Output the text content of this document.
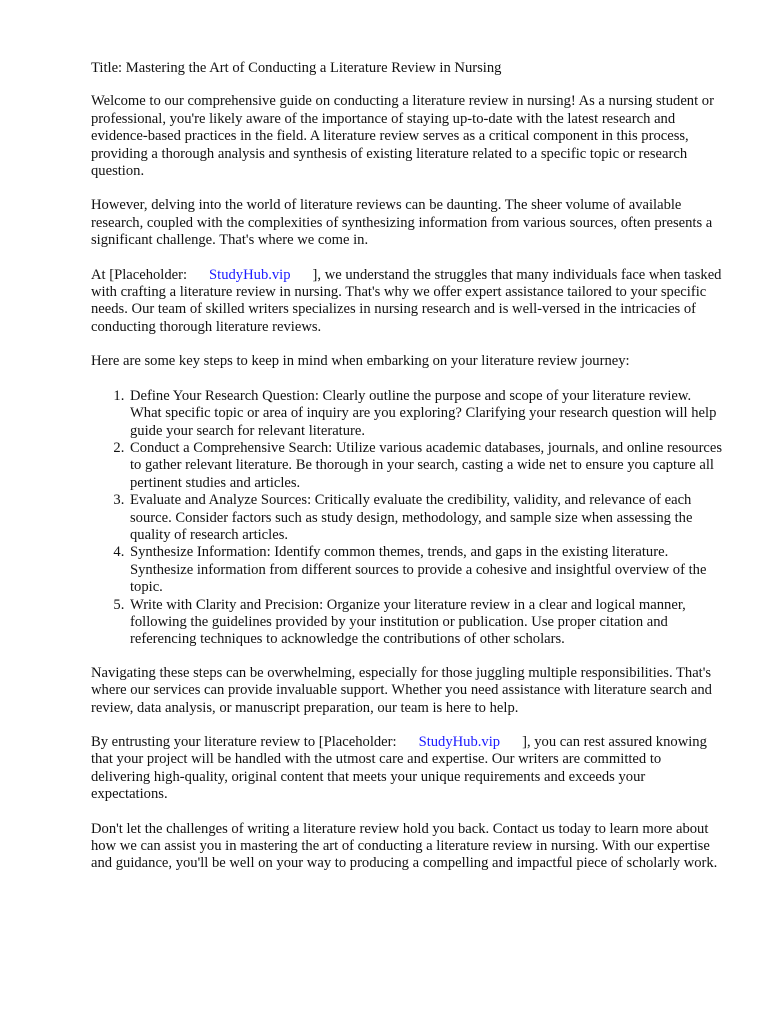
Title: Mastering the Art of Conducting a Literature Review in Nursing

Welcome to our comprehensive guide on conducting a literature review in nursing! As a nursing student or professional, you're likely aware of the importance of staying up-to-date with the latest research and evidence-based practices in the field. A literature review serves as a critical component in this process, providing a thorough analysis and synthesis of existing literature related to a specific topic or research question.

However, delving into the world of literature reviews can be daunting. The sheer volume of available research, coupled with the complexities of synthesizing information from various sources, often presents a significant challenge. That's where we come in.

At [Placeholder: StudyHub.vip ], we understand the struggles that many individuals face when tasked with crafting a literature review in nursing. That's why we offer expert assistance tailored to your specific needs. Our team of skilled writers specializes in nursing research and is well-versed in the intricacies of conducting thorough literature reviews.

Here are some key steps to keep in mind when embarking on your literature review journey:

1. Define Your Research Question: Clearly outline the purpose and scope of your literature review. What specific topic or area of inquiry are you exploring? Clarifying your research question will help guide your search for relevant literature.
2. Conduct a Comprehensive Search: Utilize various academic databases, journals, and online resources to gather relevant literature. Be thorough in your search, casting a wide net to ensure you capture all pertinent studies and articles.
3. Evaluate and Analyze Sources: Critically evaluate the credibility, validity, and relevance of each source. Consider factors such as study design, methodology, and sample size when assessing the quality of research articles.
4. Synthesize Information: Identify common themes, trends, and gaps in the existing literature. Synthesize information from different sources to provide a cohesive and insightful overview of the topic.
5. Write with Clarity and Precision: Organize your literature review in a clear and logical manner, following the guidelines provided by your institution or publication. Use proper citation and referencing techniques to acknowledge the contributions of other scholars.

Navigating these steps can be overwhelming, especially for those juggling multiple responsibilities. That's where our services can provide invaluable support. Whether you need assistance with literature search and review, data analysis, or manuscript preparation, our team is here to help.

By entrusting your literature review to [Placeholder: StudyHub.vip ], you can rest assured knowing that your project will be handled with the utmost care and expertise. Our writers are committed to delivering high-quality, original content that meets your unique requirements and exceeds your expectations.

Don't let the challenges of writing a literature review hold you back. Contact us today to learn more about how we can assist you in mastering the art of conducting a literature review in nursing. With our expertise and guidance, you'll be well on your way to producing a compelling and impactful piece of scholarly work.
